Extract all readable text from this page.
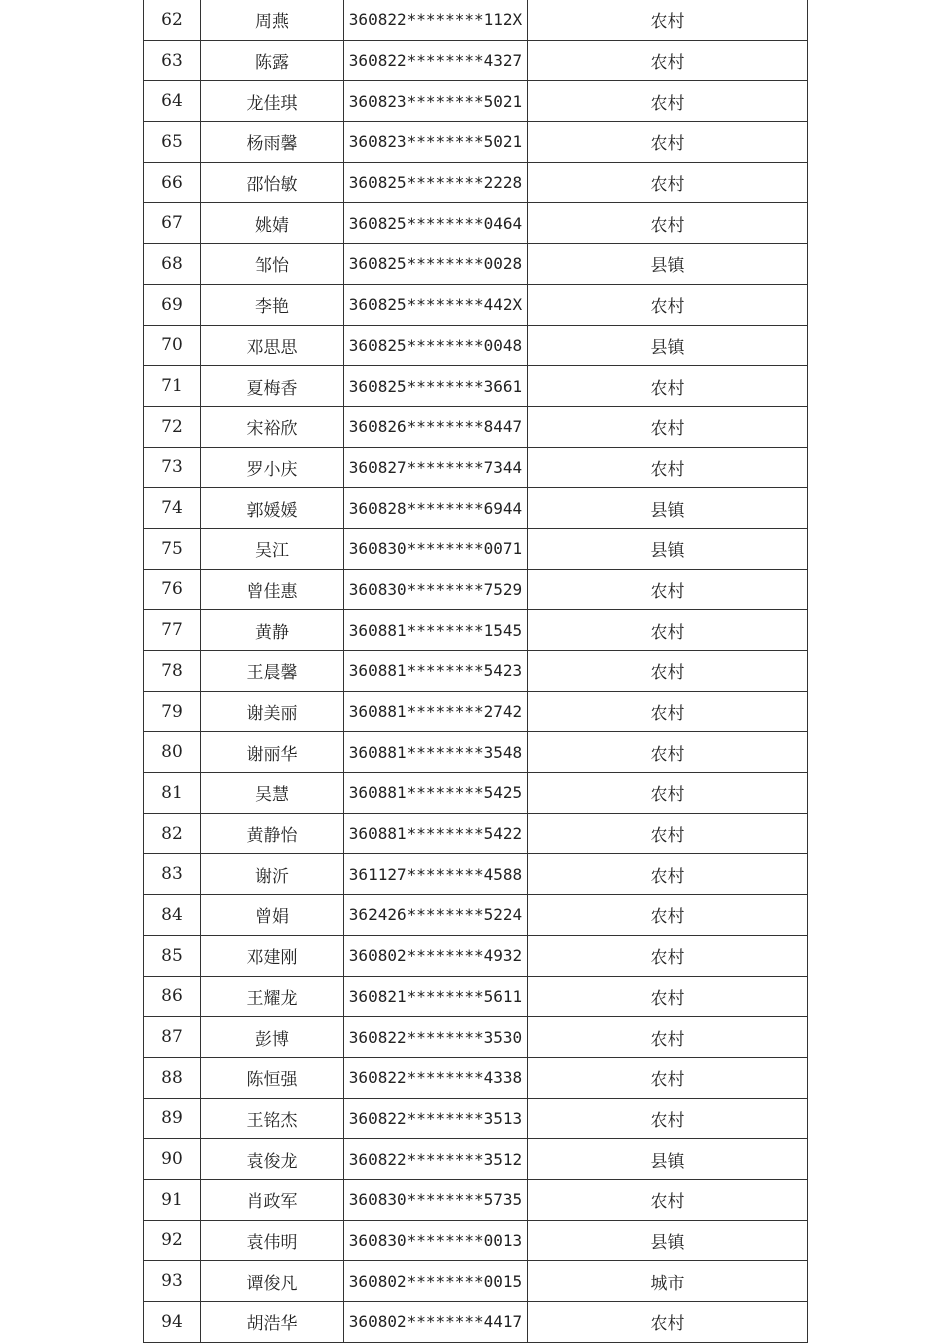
62	周燕	360822********112X	农村
63	陈露	360822********4327	农村
64	龙佳琪	360823********5021	农村
65	杨雨馨	360823********5021	农村
66	邵怡敏	360825********2228	农村
67	姚婧	360825********0464	农村
68	邹怡	360825********0028	县镇
69	李艳	360825********442X	农村
70	邓思思	360825********0048	县镇
71	夏梅香	360825********3661	农村
72	宋裕欣	360826********8447	农村
73	罗小庆	360827********7344	农村
74	郭媛媛	360828********6944	县镇
75	吴江	360830********0071	县镇
76	曾佳惠	360830********7529	农村
77	黄静	360881********1545	农村
78	王晨馨	360881********5423	农村
79	谢美丽	360881********2742	农村
80	谢丽华	360881********3548	农村
81	吴慧	360881********5425	农村
82	黄静怡	360881********5422	农村
83	谢沂	361127********4588	农村
84	曾娟	362426********5224	农村
85	邓建刚	360802********4932	农村
86	王耀龙	360821********5611	农村
87	彭博	360822********3530	农村
88	陈恒强	360822********4338	农村
89	王铭杰	360822********3513	农村
90	袁俊龙	360822********3512	县镇
91	肖政军	360830********5735	农村
92	袁伟明	360830********0013	县镇
93	谭俊凡	360802********0015	城市
94	胡浩华	360802********4417	农村
